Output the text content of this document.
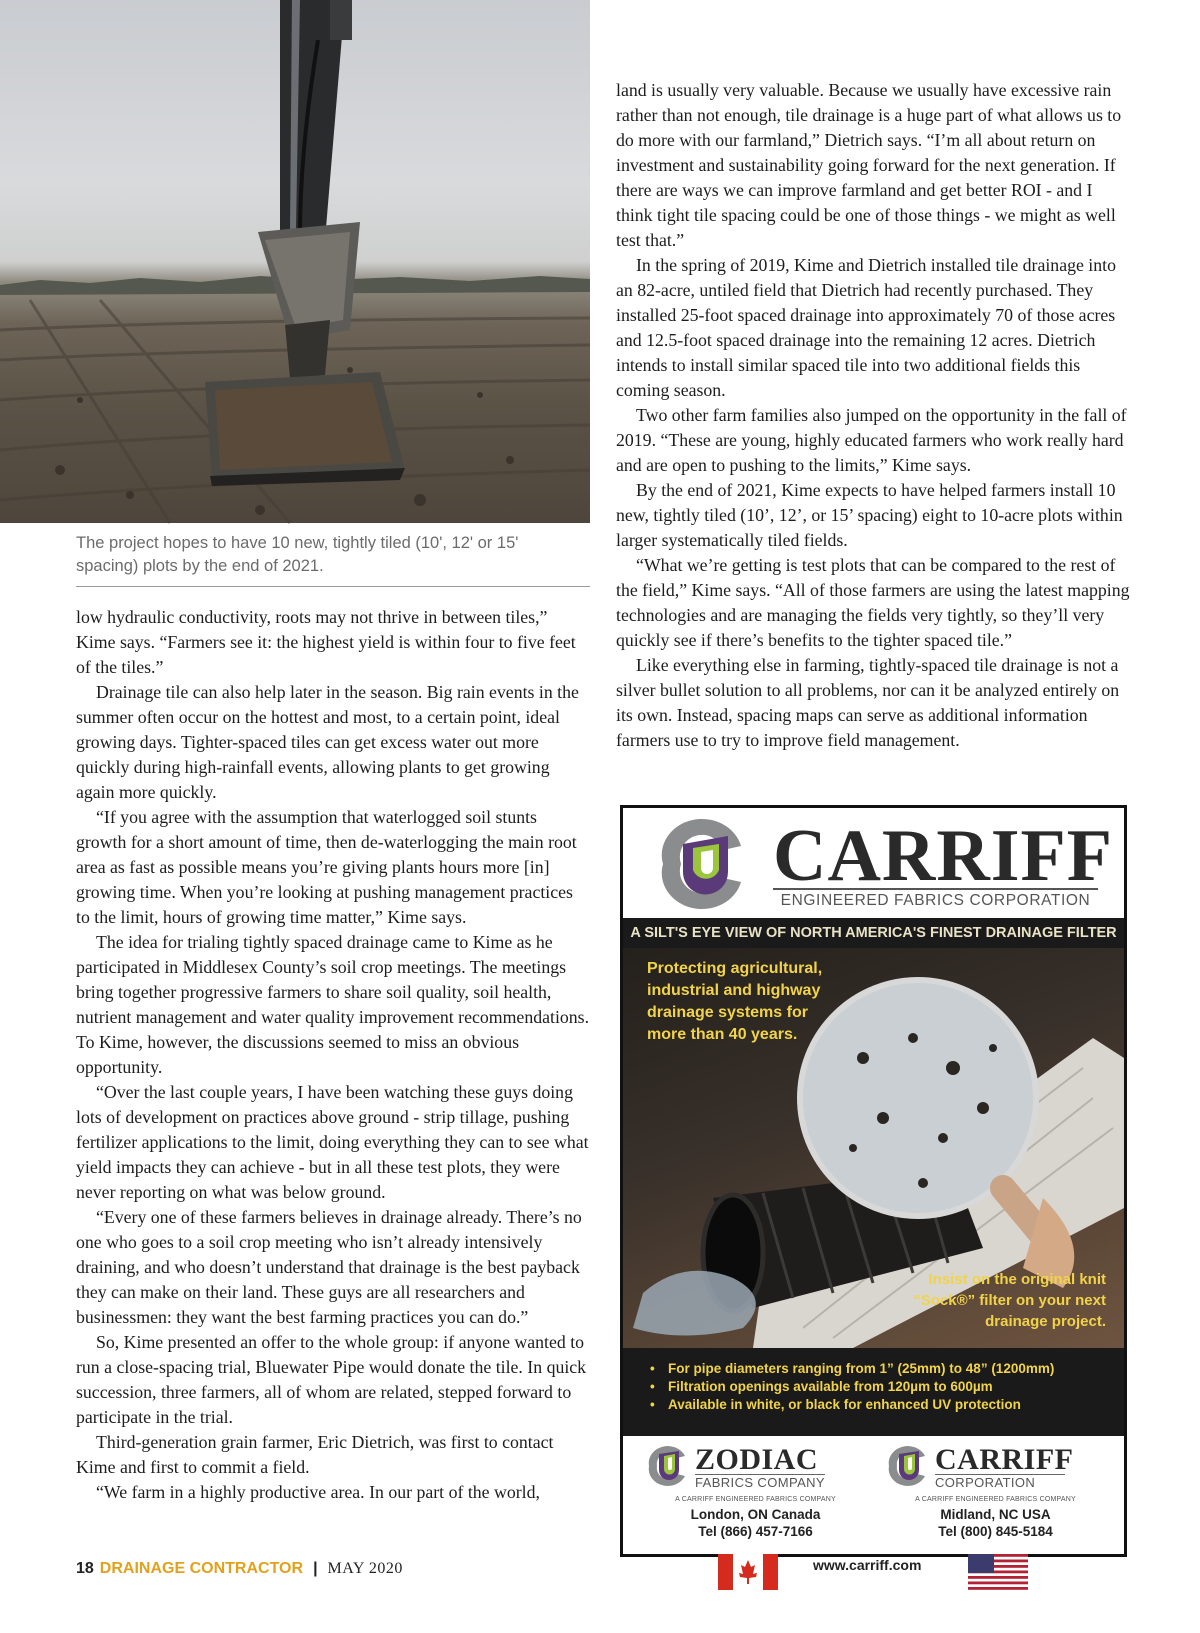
The project hopes to have 10 new, tightly tiled (10', 12' or 15' spacing) plots by the end of 2021.

low hydraulic conductivity, roots may not thrive in between tiles,” Kime says. “Farmers see it: the highest yield is within four to five feet of the tiles.”

Drainage tile can also help later in the season. Big rain events in the summer often occur on the hottest and most, to a certain point, ideal growing days. Tighter-spaced tiles can get excess water out more quickly during high-rainfall events, allowing plants to get growing again more quickly.

“If you agree with the assumption that waterlogged soil stunts growth for a short amount of time, then de-waterlogging the main root area as fast as possible means you’re giving plants hours more [in] growing time. When you’re looking at pushing management practices to the limit, hours of growing time matter,” Kime says.

The idea for trialing tightly spaced drainage came to Kime as he participated in Middlesex County’s soil crop meetings. The meetings bring together progressive farmers to share soil quality, soil health, nutrient management and water quality improvement recommendations. To Kime, however, the discussions seemed to miss an obvious opportunity.

“Over the last couple years, I have been watching these guys doing lots of development on practices above ground - strip tillage, pushing fertilizer applications to the limit, doing everything they can to see what yield impacts they can achieve - but in all these test plots, they were never reporting on what was below ground.

“Every one of these farmers believes in drainage already. There’s no one who goes to a soil crop meeting who isn’t already intensively draining, and who doesn’t understand that drainage is the best payback they can make on their land. These guys are all researchers and businessmen: they want the best farming practices you can do.”

So, Kime presented an offer to the whole group: if anyone wanted to run a close-spacing trial, Bluewater Pipe would donate the tile. In quick succession, three farmers, all of whom are related, stepped forward to participate in the trial.

Third-generation grain farmer, Eric Dietrich, was first to contact Kime and first to commit a field.

“We farm in a highly productive area. In our part of the world,

land is usually very valuable. Because we usually have excessive rain rather than not enough, tile drainage is a huge part of what allows us to do more with our farmland,” Dietrich says. “I’m all about return on investment and sustainability going forward for the next generation. If there are ways we can improve farmland and get better ROI - and I think tight tile spacing could be one of those things - we might as well test that.”

In the spring of 2019, Kime and Dietrich installed tile drainage into an 82-acre, untiled field that Dietrich had recently purchased. They installed 25-foot spaced drainage into approximately 70 of those acres and 12.5-foot spaced drainage into the remaining 12 acres. Dietrich intends to install similar spaced tile into two additional fields this coming season.

Two other farm families also jumped on the opportunity in the fall of 2019. “These are young, highly educated farmers who work really hard and are open to pushing to the limits,” Kime says.

By the end of 2021, Kime expects to have helped farmers install 10 new, tightly tiled (10’, 12’, or 15’ spacing) eight to 10-acre plots within larger systematically tiled fields.

“What we’re getting is test plots that can be compared to the rest of the field,” Kime says. “All of those farmers are using the latest mapping technologies and are managing the fields very tightly, so they’ll very quickly see if there’s benefits to the tighter spaced tile.”

Like everything else in farming, tightly-spaced tile drainage is not a silver bullet solution to all problems, nor can it be analyzed entirely on its own. Instead, spacing maps can serve as additional information farmers use to try to improve field management.

CARRIFF
ENGINEERED FABRICS CORPORATION
A SILT'S EYE VIEW OF NORTH AMERICA'S FINEST DRAINAGE FILTER
Protecting agricultural, industrial and highway drainage systems for more than 40 years.
Insist on the original knit “Sock®” filter on your next drainage project.
• For pipe diameters ranging from 1” (25mm) to 48” (1200mm)
• Filtration openings available from 120µm to 600µm
• Available in white, or black for enhanced UV protection
ZODIAC
FABRICS COMPANY
A CARRIFF ENGINEERED FABRICS COMPANY
London, ON Canada
Tel (866) 457-7166
CARRIFF
CORPORATION
A CARRIFF ENGINEERED FABRICS COMPANY
Midland, NC USA
Tel (800) 845-5184
www.carriff.com
18 DRAINAGE CONTRACTOR | MAY 2020
